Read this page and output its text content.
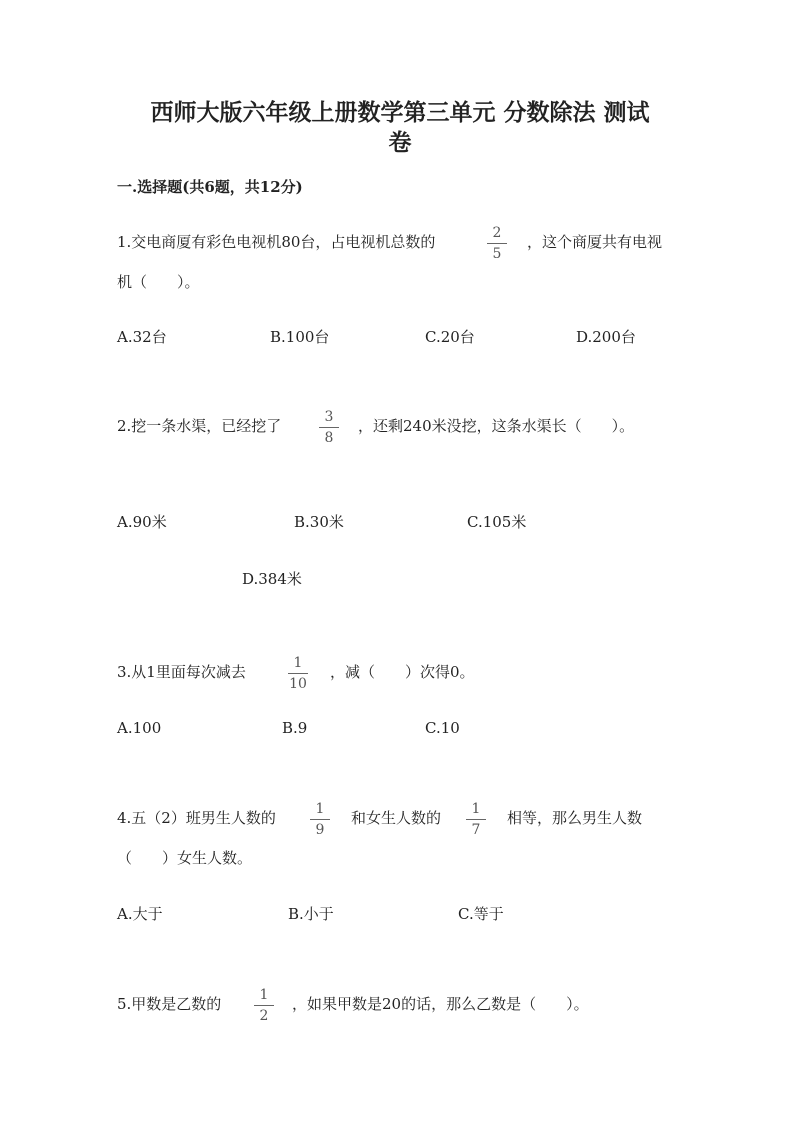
西师大版六年级上册数学第三单元 分数除法 测试
卷
一.选择题(共6题，共12分)
1.交电商厦有彩色电视机80台，占电视机总数的	2
5
，这个商厦共有电视
机（　　）。
A.32台	B.100台	C.20台	D.200台
2.挖一条水渠，已经挖了	3
8
，还剩240米没挖，这条水渠长（　　）。
A.90米	B.30米	C.105米
D.384米
3.从1里面每次减去	1
10
，减（　　）次得0。
A.100	B.9	C.10
4.五（2）班男生人数的	1
9
和女生人数的	1
7
相等，那么男生人数
（　　）女生人数。
A.大于	B.小于	C.等于
5.甲数是乙数的	1
2
，如果甲数是20的话，那么乙数是（　　）。
